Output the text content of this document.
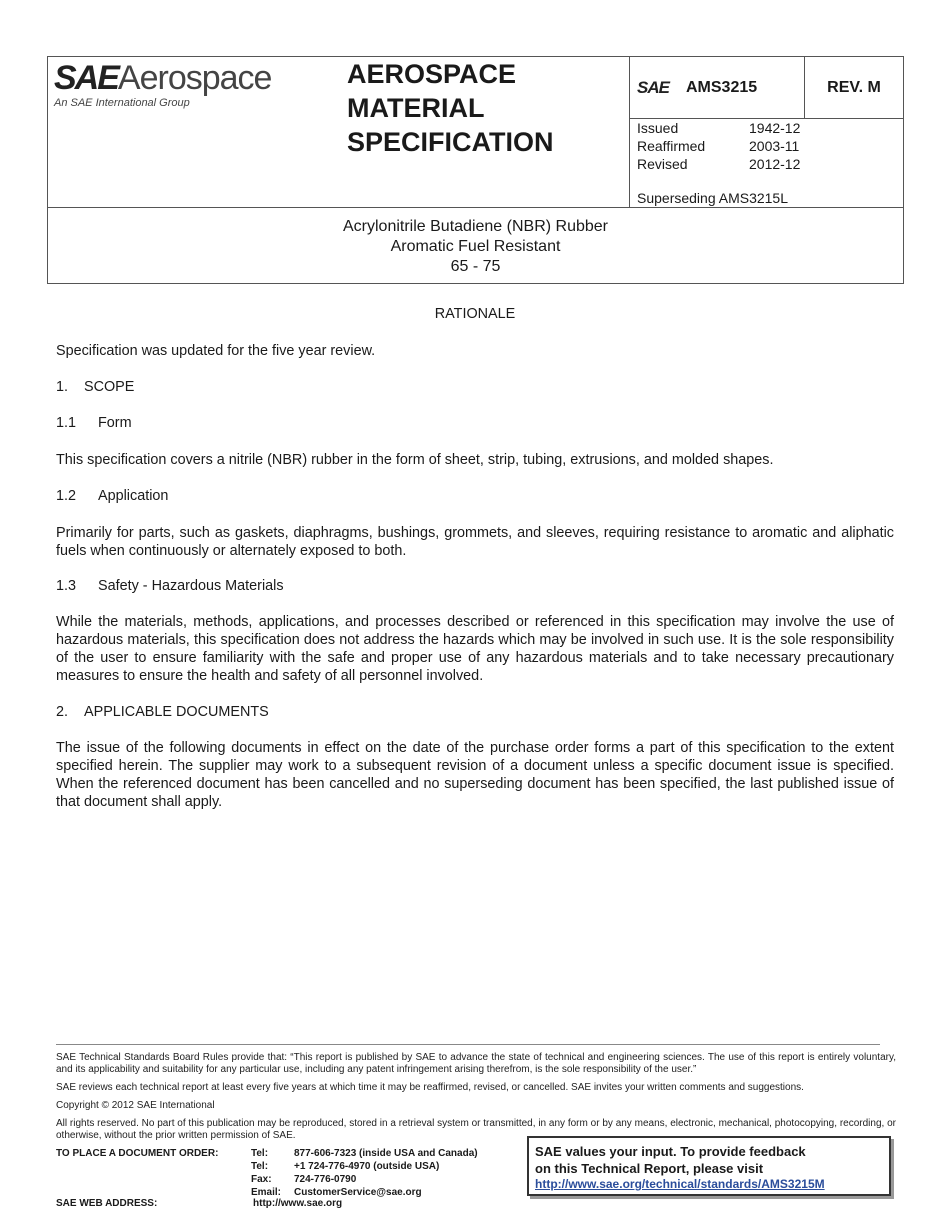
SAEAerospace
An SAE International Group
AEROSPACE
MATERIAL
SPECIFICATION
SAE AMS3215	REV. M
Issued	1942-12
Reaffirmed	2003-11
Revised	2012-12
Superseding AMS3215L
Acrylonitrile Butadiene (NBR) Rubber
Aromatic Fuel Resistant
65 - 75
RATIONALE
Specification was updated for the five year review.
1. SCOPE
1.1 Form
This specification covers a nitrile (NBR) rubber in the form of sheet, strip, tubing, extrusions, and molded shapes.
1.2 Application
Primarily for parts, such as gaskets, diaphragms, bushings, grommets, and sleeves, requiring resistance to aromatic and aliphatic fuels when continuously or alternately exposed to both.
1.3 Safety - Hazardous Materials
While the materials, methods, applications, and processes described or referenced in this specification may involve the use of hazardous materials, this specification does not address the hazards which may be involved in such use. It is the sole responsibility of the user to ensure familiarity with the safe and proper use of any hazardous materials and to take necessary precautionary measures to ensure the health and safety of all personnel involved.
2. APPLICABLE DOCUMENTS
The issue of the following documents in effect on the date of the purchase order forms a part of this specification to the extent specified herein. The supplier may work to a subsequent revision of a document unless a specific document issue is specified. When the referenced document has been cancelled and no superseding document has been specified, the last published issue of that document shall apply.
SAE Technical Standards Board Rules provide that: “This report is published by SAE to advance the state of technical and engineering sciences. The use of this report is entirely voluntary, and its applicability and suitability for any particular use, including any patent infringement arising therefrom, is the sole responsibility of the user.”
SAE reviews each technical report at least every five years at which time it may be reaffirmed, revised, or cancelled. SAE invites your written comments and suggestions.
Copyright © 2012 SAE International
All rights reserved. No part of this publication may be reproduced, stored in a retrieval system or transmitted, in any form or by any means, electronic, mechanical, photocopying, recording, or otherwise, without the prior written permission of SAE.
TO PLACE A DOCUMENT ORDER:	Tel:	877-606-7323 (inside USA and Canada)
Tel:	+1 724-776-4970 (outside USA)
Fax:	724-776-0790
Email:	CustomerService@sae.org
SAE WEB ADDRESS:	http://www.sae.org
SAE values your input. To provide feedback
on this Technical Report, please visit
http://www.sae.org/technical/standards/AMS3215M
